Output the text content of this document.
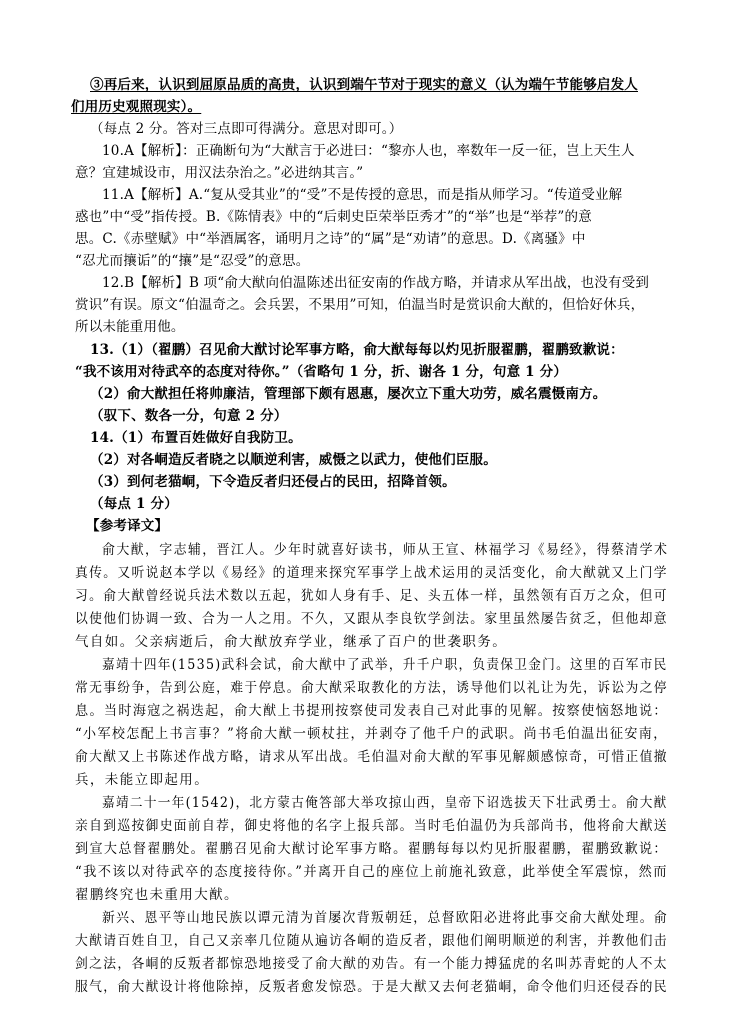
③再后来，认识到屈原品质的高贵，认识到端午节对于现实的意义（认为端午节能够启发人
们用历史观照现实）。
（每点 2 分。答对三点即可得满分。意思对即可。）
10.A【解析】：正确断句为“大猷言于必进曰：“黎亦人也，率数年一反一征，岂上天生人
意？宜建城设市，用汉法杂治之。”必进纳其言。”
11.A【解析】A.“复从受其业”的“受”不是传授的意思，而是指从师学习。“传道受业解
惑也”中“受”指传授。B.《陈情表》中的“后刺史臣荣举臣秀才”的“举”也是“举荐”的意
思。C.《赤壁赋》中“举酒属客，诵明月之诗”的“属”是“劝请”的意思。D.《离骚》中
“忍尤而攘诟”的“攘”是“忍受”的意思。
12.B【解析】B 项“俞大猷向伯温陈述出征安南的作战方略，并请求从军出战，也没有受到
赏识”有误。原文“伯温奇之。会兵罢，不果用”可知，伯温当时是赏识俞大猷的，但恰好休兵，
所以未能重用他。
13.（1）（翟鹏）召见俞大猷讨论军事方略，俞大猷每每以灼见折服翟鹏，翟鹏致歉说：
“我不该用对待武卒的态度对待你。”（省略句 1 分，折、谢各 1 分，句意 1 分）
（2）俞大猷担任将帅廉洁，管理部下颇有恩惠，屡次立下重大功劳，威名震慑南方。
（驭下、数各一分，句意 2 分）
14.（1）布置百姓做好自我防卫。
（2）对各峒造反者晓之以顺逆利害，威慑之以武力，使他们臣服。
（3）到何老猫峒，下令造反者归还侵占的民田，招降首领。
（每点 1 分）
【参考译文】
俞大猷，字志辅，晋江人。少年时就喜好读书，师从王宣、林福学习《易经》，得蔡清学术
真传。又听说赵本学以《易经》的道理来探究军事学上战术运用的灵活变化，俞大猷就又上门学
习。俞大猷曾经说兵法术数以五起，犹如人身有手、足、头五体一样，虽然领有百万之众，但可
以使他们协调一致、合为一人之用。不久，又跟从李良钦学剑法。家里虽然屡告贫乏，但他却意
气自如。父亲病逝后，俞大猷放弃学业，继承了百户的世袭职务。
嘉靖十四年(1535)武科会试，俞大猷中了武举，升千户职，负责保卫金门。这里的百军市民
常无事纷争，告到公庭，难于停息。俞大猷采取教化的方法，诱导他们以礼让为先，诉讼为之停
息。当时海寇之祸迭起，俞大猷上书提刑按察使司发表自己对此事的见解。按察使恼怒地说：
“小军校怎配上书言事？”将俞大猷一顿杖拄，并剥夺了他千户的武职。尚书毛伯温出征安南，
俞大猷又上书陈述作战方略，请求从军出战。毛伯温对俞大猷的军事见解颇感惊奇，可惜正值撤
兵，未能立即起用。
嘉靖二十一年(1542)，北方蒙古俺答部大举攻掠山西，皇帝下诏选拔天下壮武勇士。俞大猷
亲自到巡按御史面前自荐，御史将他的名字上报兵部。当时毛伯温仍为兵部尚书，他将俞大猷送
到宣大总督翟鹏处。翟鹏召见俞大猷讨论军事方略。翟鹏每每以灼见折服翟鹏，翟鹏致歉说：
“我不该以对待武卒的态度接待你。”并离开自己的座位上前施礼致意，此举使全军震惊，然而
翟鹏终究也未重用大猷。
新兴、恩平等山地民族以谭元清为首屡次背叛朝廷，总督欧阳必进将此事交俞大猷处理。俞
大猷请百姓自卫，自己又亲率几位随从遍访各峒的造反者，跟他们阐明顺逆的利害，并教他们击
剑之法，各峒的反叛者都惊恐地接受了俞大猷的劝告。有一个能力搏猛虎的名叫苏青蛇的人不太
服气，俞大猷设计将他除掉，反叛者愈发惊恐。于是大猷又去何老猫峒，命令他们归还侵吞的民
